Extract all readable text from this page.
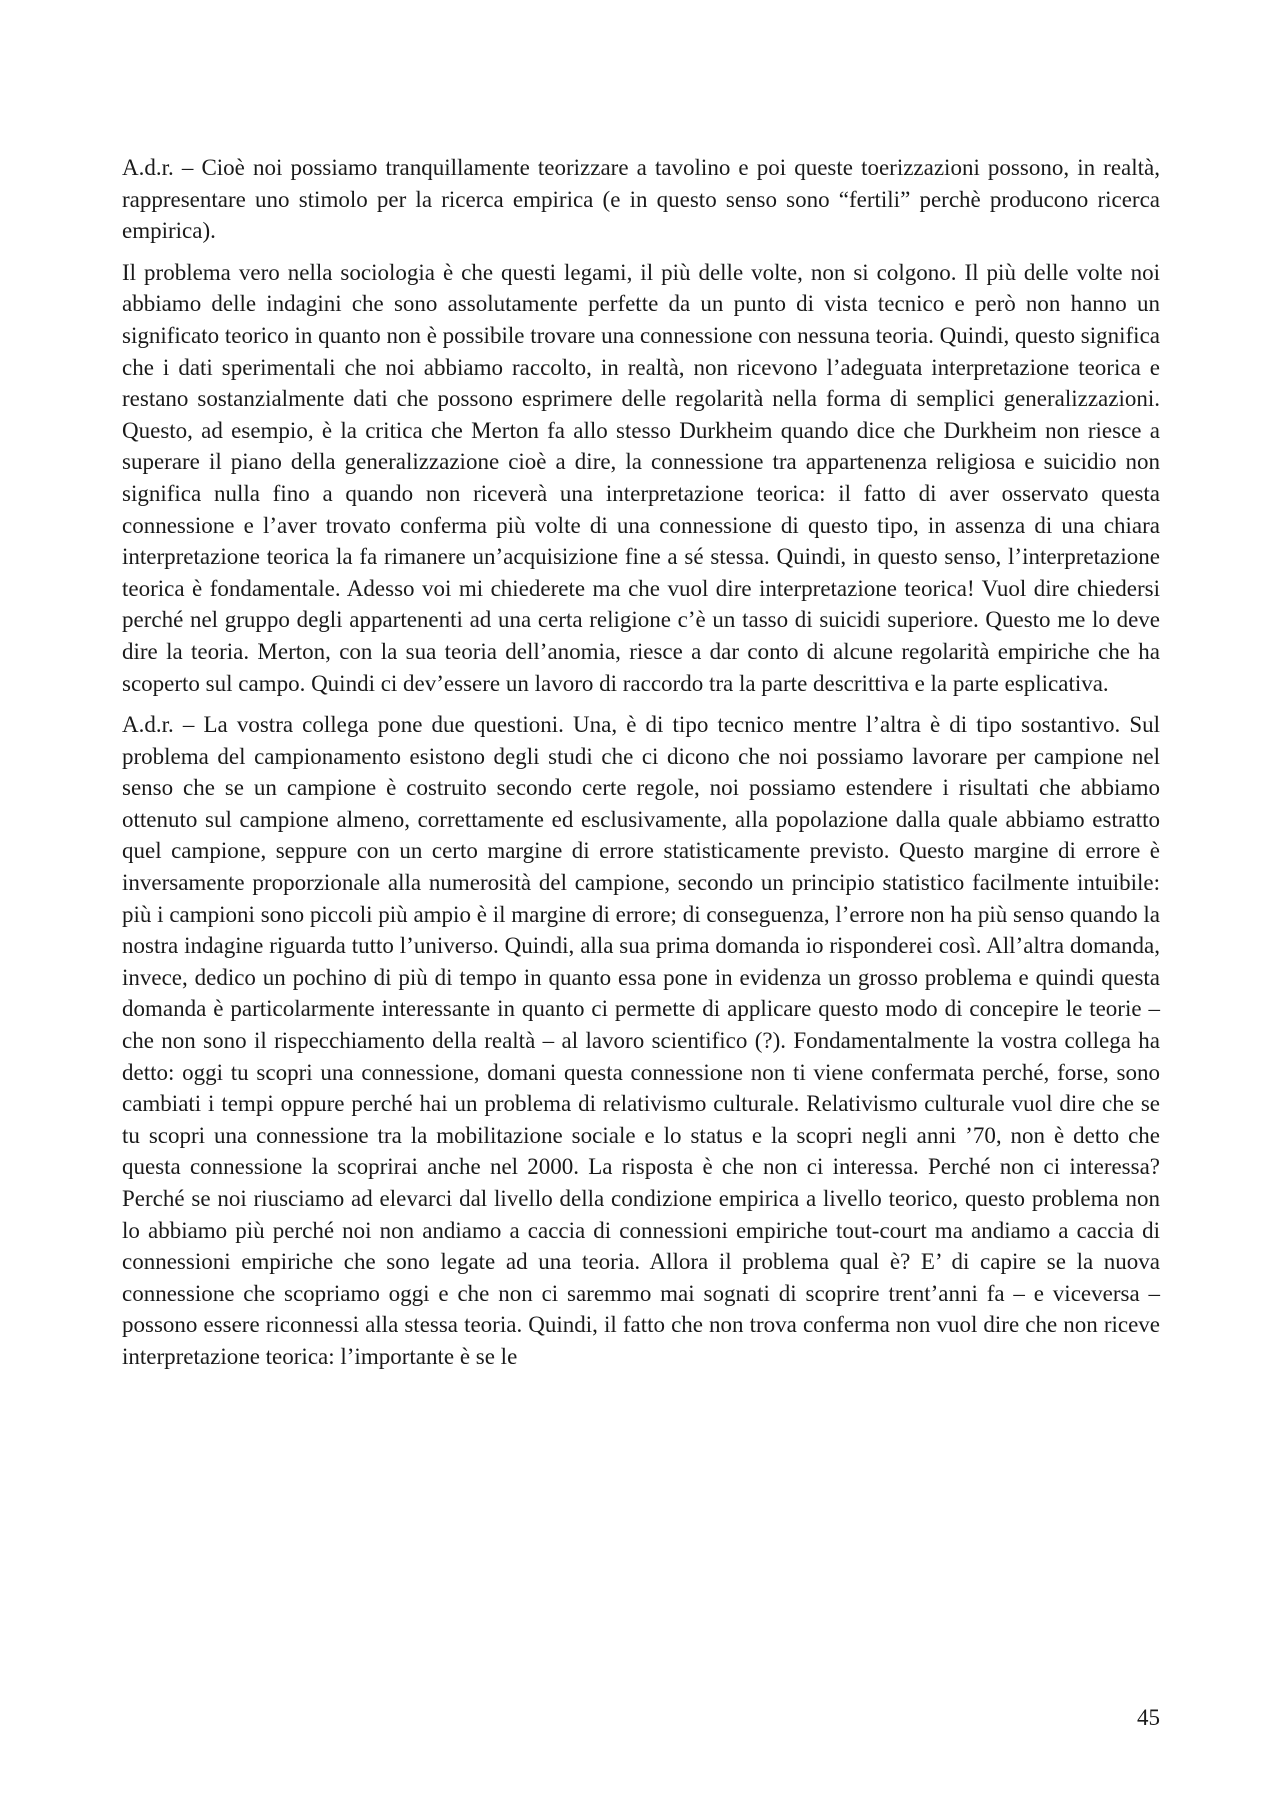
A.d.r. – Cioè noi possiamo tranquillamente teorizzare a tavolino e poi queste toerizzazioni possono, in realtà, rappresentare uno stimolo per la ricerca empirica (e in questo senso sono “fertili” perchè producono ricerca empirica).

Il problema vero nella sociologia è che questi legami, il più delle volte, non si colgono. Il più delle volte noi abbiamo delle indagini che sono assolutamente perfette da un punto di vista tecnico e però non hanno un significato teorico in quanto non è possibile trovare una connessione con nessuna teoria. Quindi, questo significa che i dati sperimentali che noi abbiamo raccolto, in realtà, non ricevono l’adeguata interpretazione teorica e restano sostanzialmente dati che possono esprimere delle regolarità nella forma di semplici generalizzazioni. Questo, ad esempio, è la critica che Merton fa allo stesso Durkheim quando dice che Durkheim non riesce a superare il piano della generalizzazione cioè a dire, la connessione tra appartenenza religiosa e suicidio non significa nulla fino a quando non riceverà una interpretazione teorica: il fatto di aver osservato questa connessione e l’aver trovato conferma più volte di una connessione di questo tipo, in assenza di una chiara interpretazione teorica la fa rimanere un’acquisizione fine a sé stessa. Quindi, in questo senso, l’interpretazione teorica è fondamentale. Adesso voi mi chiederete ma che vuol dire interpretazione teorica! Vuol dire chiedersi perché nel gruppo degli appartenenti ad una certa religione c’è un tasso di suicidi superiore. Questo me lo deve dire la teoria. Merton, con la sua teoria dell’anomia, riesce a dar conto di alcune regolarità empiriche che ha scoperto sul campo. Quindi ci dev’essere un lavoro di raccordo tra la parte descrittiva e la parte esplicativa.

A.d.r. – La vostra collega pone due questioni. Una, è di tipo tecnico mentre l’altra è di tipo sostantivo. Sul problema del campionamento esistono degli studi che ci dicono che noi possiamo lavorare per campione nel senso che se un campione è costruito secondo certe regole, noi possiamo estendere i risultati che abbiamo ottenuto sul campione almeno, correttamente ed esclusivamente, alla popolazione dalla quale abbiamo estratto quel campione, seppure con un certo margine di errore statisticamente previsto. Questo margine di errore è inversamente proporzionale alla numerosità del campione, secondo un principio statistico facilmente intuibile: più i campioni sono piccoli più ampio è il margine di errore; di conseguenza, l’errore non ha più senso quando la nostra indagine riguarda tutto l’universo. Quindi, alla sua prima domanda io risponderei così. All’altra domanda, invece, dedico un pochino di più di tempo in quanto essa pone in evidenza un grosso problema e quindi questa domanda è particolarmente interessante in quanto ci permette di applicare questo modo di concepire le teorie – che non sono il rispecchiamento della realtà – al lavoro scientifico (?). Fondamentalmente la vostra collega ha detto: oggi tu scopri una connessione, domani questa connessione non ti viene confermata perché, forse, sono cambiati i tempi oppure perché hai un problema di relativismo culturale. Relativismo culturale vuol dire che se tu scopri una connessione tra la mobilitazione sociale e lo status e la scopri negli anni ’70, non è detto che questa connessione la scoprirai anche nel 2000. La risposta è che non ci interessa. Perché non ci interessa? Perché se noi riusciamo ad elevarci dal livello della condizione empirica a livello teorico, questo problema non lo abbiamo più perché noi non andiamo a caccia di connessioni empiriche tout-court ma andiamo a caccia di connessioni empiriche che sono legate ad una teoria. Allora il problema qual è? E’ di capire se la nuova connessione che scopriamo oggi e che non ci saremmo mai sognati di scoprire trent’anni fa – e viceversa – possono essere riconnessi alla stessa teoria. Quindi, il fatto che non trova conferma non vuol dire che non riceve interpretazione teorica: l’importante è se le

45
